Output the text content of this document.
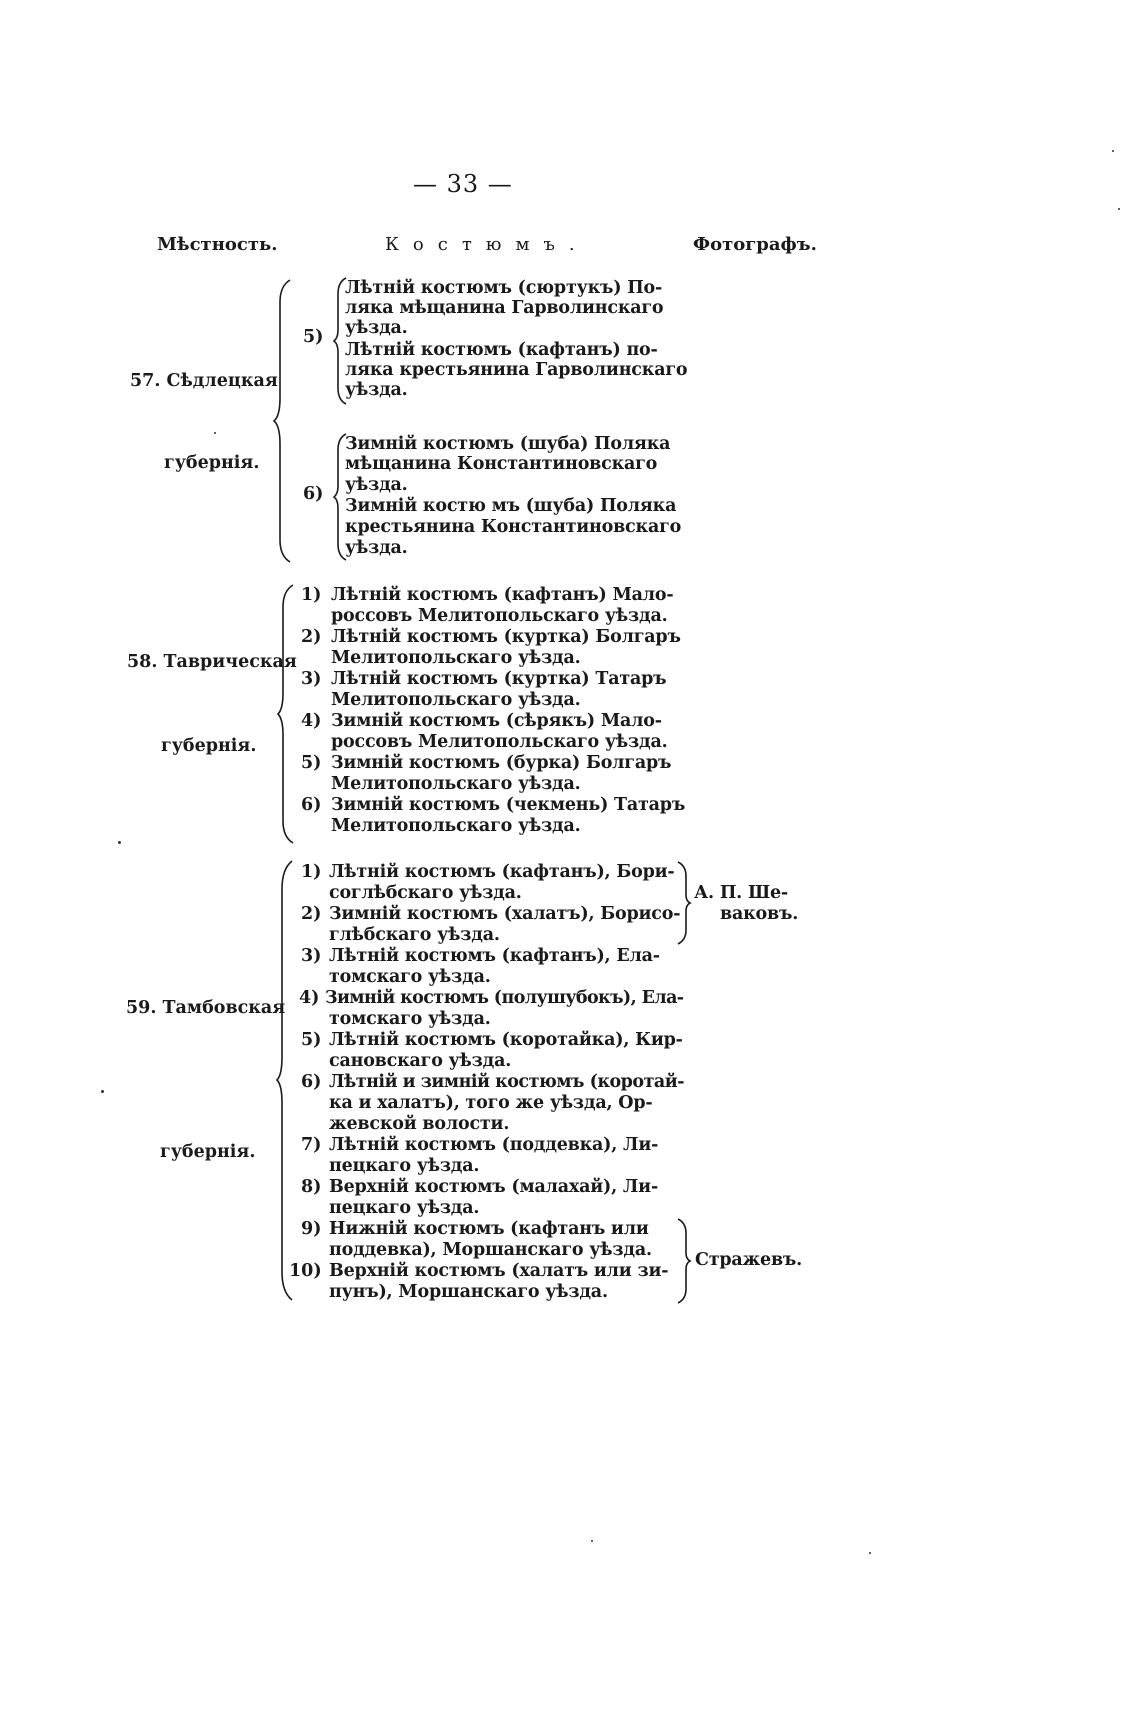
— 33 —
Мѣстность.	Костюмъ.	Фотографъ.
57. Сѣдлецкая
губернія.
5)
Лѣтній костюмъ (сюртукъ) По-
ляка мѣщанина Гарволинскаго
уѣзда.
Лѣтній костюмъ (кафтанъ) по-
ляка крестьянина Гарволинскаго
уѣзда.
6)
Зимній костюмъ (шуба) Поляка
мѣщанина Константиновскаго
уѣзда.
Зимній костю мъ (шуба) Поляка
крестьянина Константиновскаго
уѣзда.
58. Таврическая
губернія.
1) Лѣтній костюмъ (кафтанъ) Мало-
россовъ Мелитопольскаго уѣзда.
2) Лѣтній костюмъ (куртка) Болгаръ
Мелитопольскаго уѣзда.
3) Лѣтній костюмъ (куртка) Татаръ
Мелитопольскаго уѣзда.
4) Зимній костюмъ (сѣрякъ) Мало-
россовъ Мелитопольскаго уѣзда.
5) Зимній костюмъ (бурка) Болгаръ
Мелитопольскаго уѣзда.
6) Зимній костюмъ (чекмень) Татаръ
Мелитопольскаго уѣзда.
59. Тамбовская
губернія.
1) Лѣтній костюмъ (кафтанъ), Бори-
соглѣбскаго уѣзда.
2) Зимній костюмъ (халатъ), Борисо-
глѣбскаго уѣзда.
3) Лѣтній костюмъ (кафтанъ), Ела-
томскаго уѣзда.
4) Зимній костюмъ (полушубокъ), Ела-
томскаго уѣзда.
5) Лѣтній костюмъ (коротайка), Кир-
сановскаго уѣзда.
6) Лѣтній и зимній костюмъ (коротай-
ка и халатъ), того же уѣзда, Ор-
жевской волости.
7) Лѣтній костюмъ (поддевка), Ли-
пецкаго уѣзда.
8) Верхній костюмъ (малахай), Ли-
пецкаго уѣзда.
9) Нижній костюмъ (кафтанъ или
поддевка), Моршанскаго уѣзда.
10) Верхній костюмъ (халатъ или зи-
пунъ), Моршанскаго уѣзда.
А. П. Ше-
ваковъ.
Стражевъ.
